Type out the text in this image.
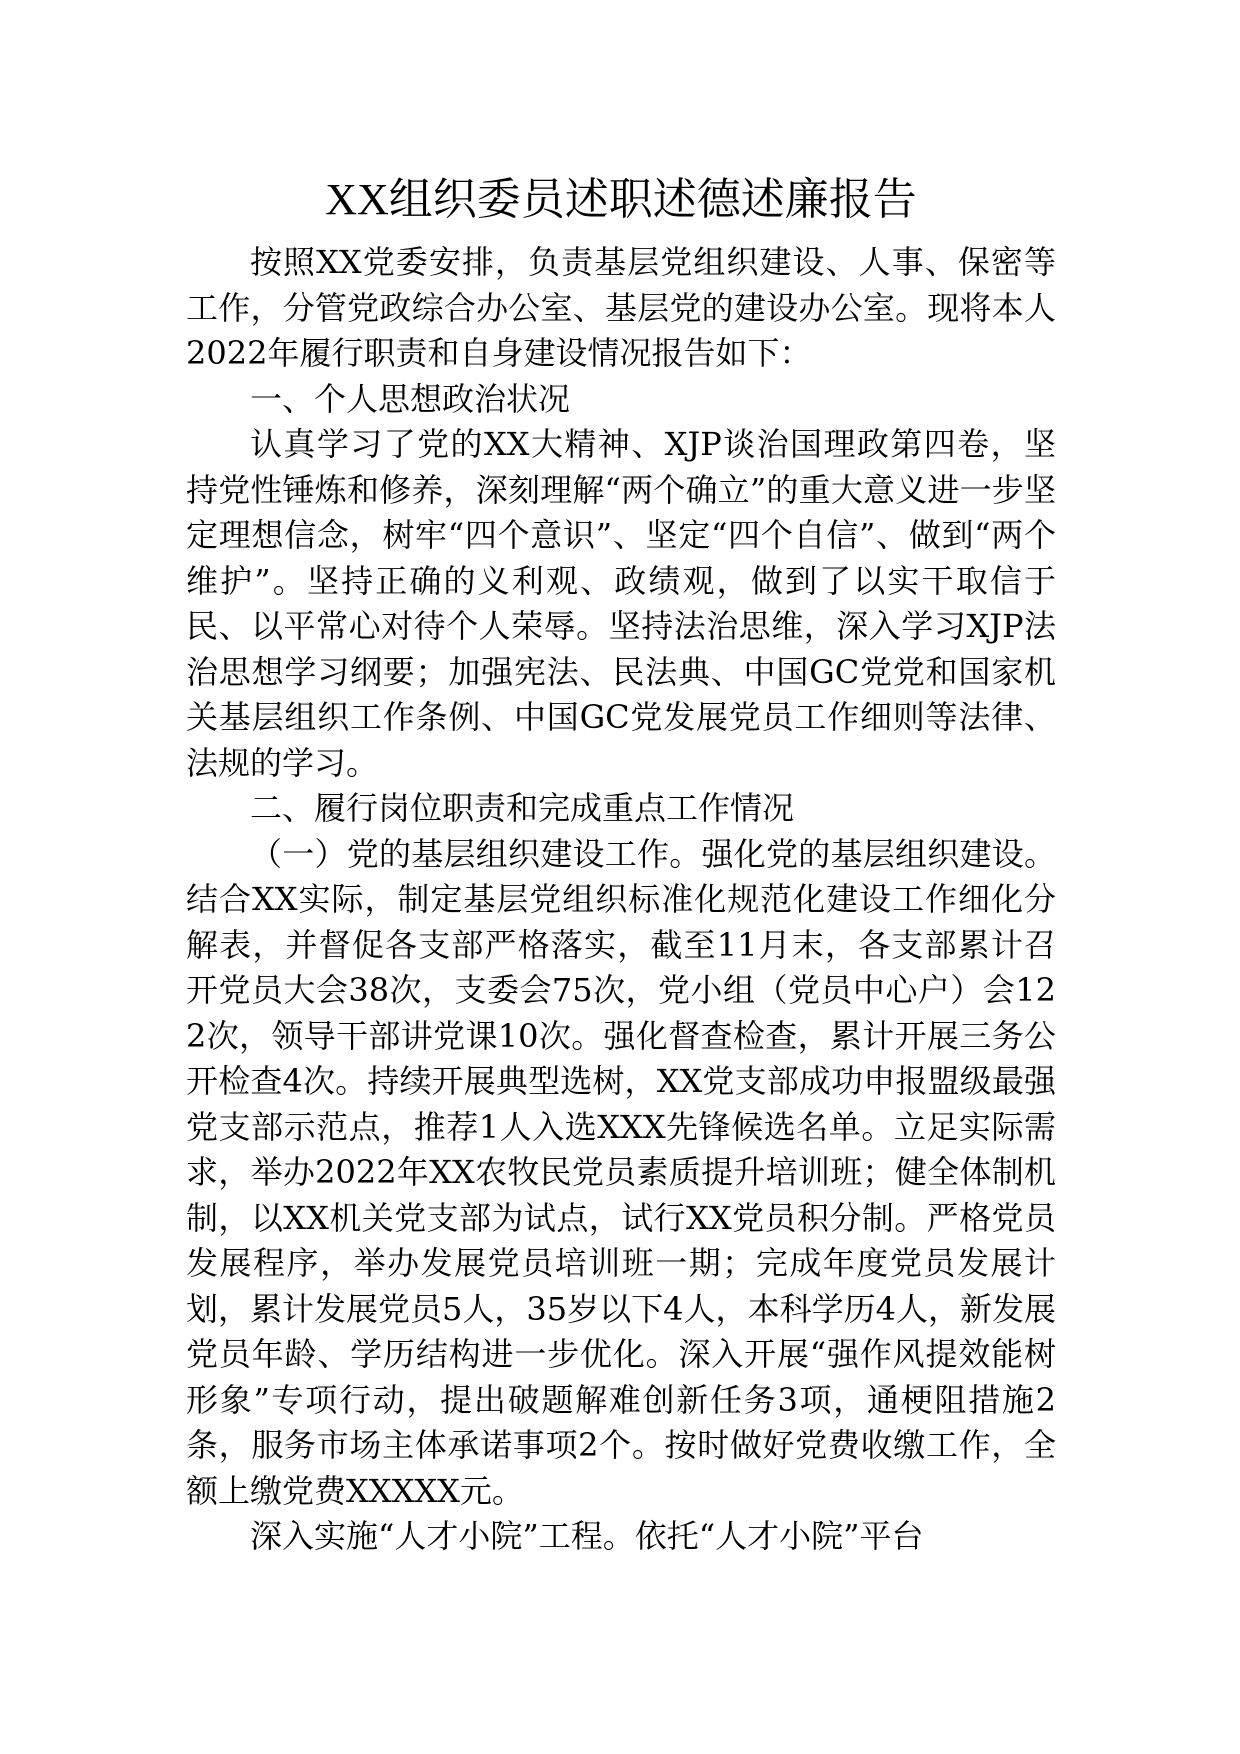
XX组织委员述职述德述廉报告

按照XX党委安排，负责基层党组织建设、人事、保密等工作，分管党政综合办公室、基层党的建设办公室。现将本人2022年履行职责和自身建设情况报告如下：

一、个人思想政治状况

认真学习了党的XX大精神、XJP谈治国理政第四卷，坚持党性锤炼和修养，深刻理解“两个确立”的重大意义进一步坚定理想信念，树牢“四个意识”、坚定“四个自信”、做到“两个维护”。坚持正确的义利观、政绩观，做到了以实干取信于民、以平常心对待个人荣辱。坚持法治思维，深入学习XJP法治思想学习纲要；加强宪法、民法典、中国GC党党和国家机关基层组织工作条例、中国GC党发展党员工作细则等法律、法规的学习。

二、履行岗位职责和完成重点工作情况

（一）党的基层组织建设工作。强化党的基层组织建设。结合XX实际，制定基层党组织标准化规范化建设工作细化分解表，并督促各支部严格落实，截至11月末，各支部累计召开党员大会38次，支委会75次，党小组（党员中心户）会122次，领导干部讲党课10次。强化督查检查，累计开展三务公开检查4次。持续开展典型选树，XX党支部成功申报盟级最强党支部示范点，推荐1人入选XXX先锋候选名单。立足实际需求，举办2022年XX农牧民党员素质提升培训班；健全体制机制，以XX机关党支部为试点，试行XX党员积分制。严格党员发展程序，举办发展党员培训班一期；完成年度党员发展计划，累计发展党员5人，35岁以下4人，本科学历4人，新发展党员年龄、学历结构进一步优化。深入开展“强作风提效能树形象”专项行动，提出破题解难创新任务3项，通梗阻措施2条，服务市场主体承诺事项2个。按时做好党费收缴工作，全额上缴党费XXXXX元。

深入实施“人才小院”工程。依托“人才小院”平台
